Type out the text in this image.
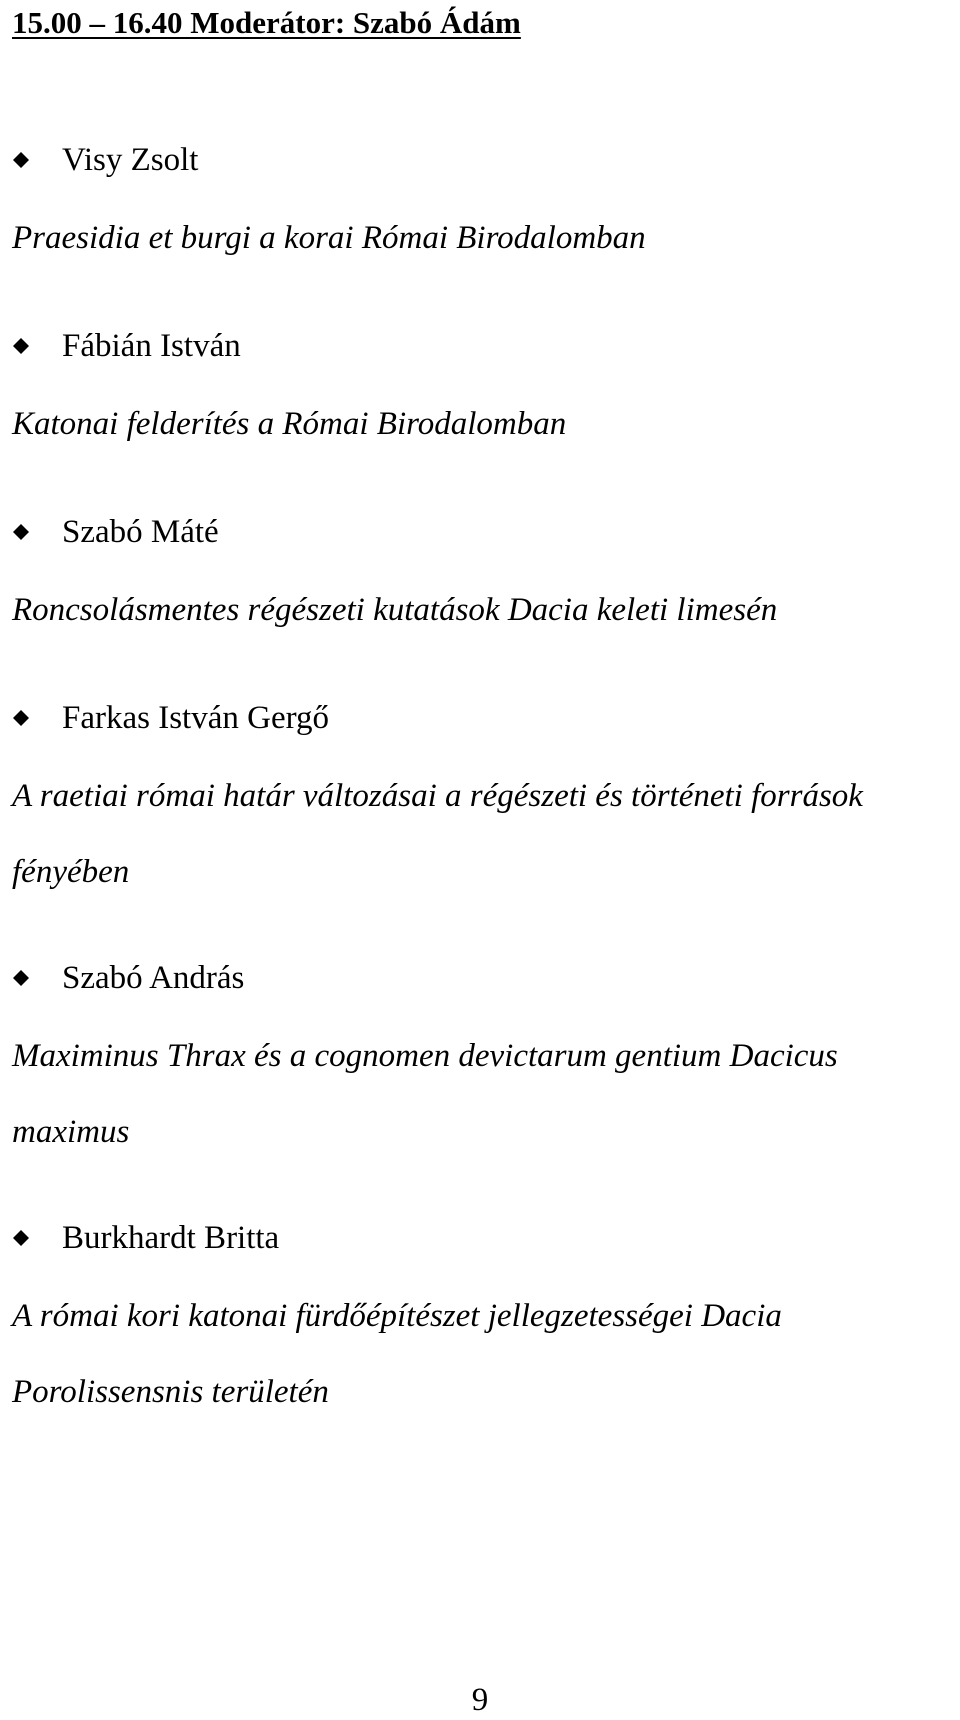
15.00 – 16.40 Moderátor: Szabó Ádám
Visy Zsolt
Praesidia et burgi a korai Római Birodalomban
Fábián István
Katonai felderítés a Római Birodalomban
Szabó Máté
Roncsolásmentes régészeti kutatások Dacia keleti limesén
Farkas István Gergő
A raetiai római határ változásai a régészeti és történeti források
fényében
Szabó András
Maximinus Thrax és a cognomen devictarum gentium Dacicus
maximus
Burkhardt Britta
A római kori katonai fürdőépítészet jellegzetességei Dacia
Porolissensnis területén
9
